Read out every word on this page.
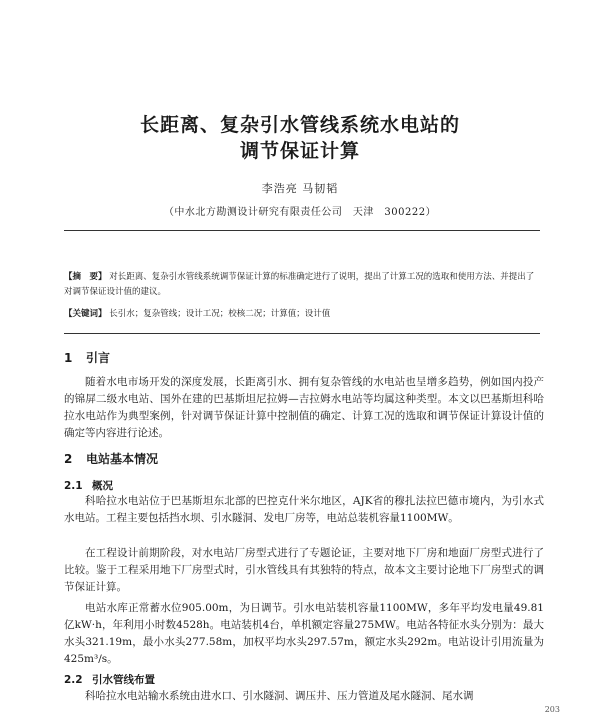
长距离、复杂引水管线系统水电站的
调节保证计算
李浩亮 马韧韬
（中水北方勘测设计研究有限责任公司　天津　300222）

【摘　要】 对长距离、复杂引水管线系统调节保证计算的标准确定进行了说明，提出了计算工况的选取和使用方法、并提出了对调节保证设计值的建议。

【关键词】 长引水；复杂管线；设计工况；校核二况；计算值；设计值

1 引言

随着水电市场开发的深度发展，长距离引水、拥有复杂管线的水电站也呈增多趋势，例如国内投产的锦屏二级水电站、国外在建的巴基斯坦尼拉姆—吉拉姆水电站等均属这种类型。本文以巴基斯坦科哈拉水电站作为典型案例，针对调节保证计算中控制值的确定、计算工况的选取和调节保证计算设计值的确定等内容进行论述。

2 电站基本情况
2.1 概况

科哈拉水电站位于巴基斯坦东北部的巴控克什米尔地区，AJK省的穆扎法拉巴德市境内，为引水式水电站。工程主要包括挡水坝、引水隧洞、发电厂房等，电站总装机容量1100MW。

在工程设计前期阶段，对水电站厂房型式进行了专题论证，主要对地下厂房和地面厂房型式进行了比较。鉴于工程采用地下厂房型式时，引水管线具有其独特的特点，故本文主要讨论地下厂房型式的调节保证计算。

电站水库正常蓄水位905.00m，为日调节。引水电站装机容量1100MW，多年平均发电量49.81亿kW·h，年利用小时数4528h。电站装机4台，单机额定容量275MW。电站各特征水头分别为：最大水头321.19m，最小水头277.58m，加权平均水头297.57m，额定水头292m。电站设计引用流量为425m³/s。

2.2 引水管线布置

科哈拉水电站输水系统由进水口、引水隧洞、调压井、压力管道及尾水隧洞、尾水调

203
